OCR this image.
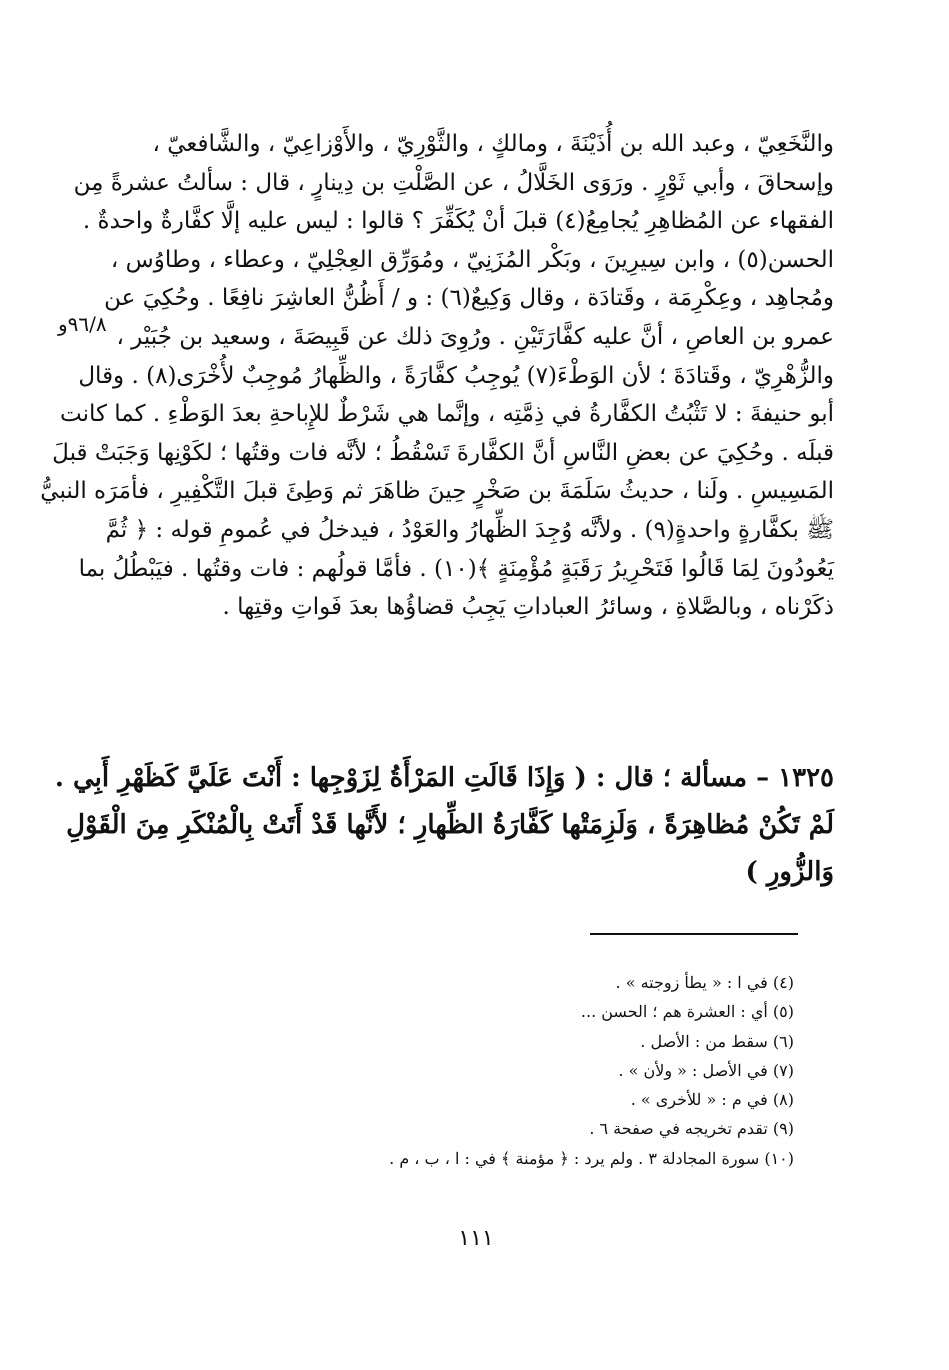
والنَّخَعِيّ ، وعبد الله بن أُذَيْنَةَ ، ومالكٍ ، والثَّوْرِيّ ، والأَوْزاعِيّ ، والشَّافعيّ ،
وإسحاقَ ، وأبي ثَوْرٍ . ورَوَى الخَلَّالُ ، عن الصَّلْتِ بن دِينارٍ ، قال : سألتُ عشرةً مِن
الفقهاء عن المُظاهِرِ يُجامِعُ(٤) قبلَ أنْ يُكَفِّرَ ؟ قالوا : ليس عليه إلَّا كفَّارةٌ واحدةٌ .
الحسن(٥) ، وابن سِيرِينَ ، وبَكْر المُزَنِيّ ، ومُوَرِّق العِجْلِيّ ، وعطاء ، وطاوُس ،
ومُجاهِد ، وعِكْرِمَة ، وقَتادَة ، وقال وَكِيعٌ(٦) : و / أَظُنُّ العاشِرَ نافِعًا . وحُكِيَ عن
عمرو بن العاصِ ، أنَّ عليه كفَّارَتَيْنِ . ورُوِىَ ذلك عن قَبِيصَةَ ، وسعيد بن جُبَيْر ،
والزُّهْرِيّ ، وقَتادَةَ ؛ لأن الوَطْءَ(٧) يُوجِبُ كفَّارَةً ، والظِّهارُ مُوجِبٌ لأُخْرَى(٨) . وقال
أبو حنيفةَ : لا تَثْبُتُ الكفَّارةُ في ذِمَّتِه ، وإنَّما هي شَرْطٌ للإِباحةِ بعدَ الوَطْءِ . كما كانت
قبلَه . وحُكِيَ عن بعضِ النَّاسِ أنَّ الكفَّارةَ تَسْقُطُ ؛ لأنَّه فات وقتُها ؛ لكَوْنِها وَجَبَتْ قبلَ
المَسِيسِ . ولَنا ، حديثُ سَلَمَةَ بن صَخْرٍ حِينَ ظاهَرَ ثم وَطِئَ قبلَ التَّكْفِيرِ ، فأمَرَه النبيُّ
ﷺ بكفَّارةٍ واحدةٍ(٩) . ولأنَّه وُجِدَ الظِّهارُ والعَوْدُ ، فيدخلُ في عُمومِ قوله : ﴿ ثُمَّ
يَعُودُونَ لِمَا قَالُوا فَتَحْرِيرُ رَقَبَةٍ مُؤْمِنَةٍ ﴾(١٠) . فأمَّا قولُهم : فات وقتُها . فيَبْطُلُ بما
ذكَرْناه ، وبالصَّلاةِ ، وسائرُ العباداتِ يَجِبُ قضاؤُها بعدَ فَواتِ وقتِها .
٩٦/٨و
١٣٢٥ – مسألة ؛ قال : ( وَإِذَا قَالَتِ المَرْأَةُ لِزَوْجِها : أَنْتَ عَلَيَّ كَظَهْرِ أَبِي .
لَمْ تَكُنْ مُظاهِرَةً ، وَلَزِمَتْها كَفَّارَةُ الظِّهارِ ؛ لأَنَّها قَدْ أَتَتْ بِالْمُنْكَرِ مِنَ الْقَوْلِ
وَالزُّورِ )
(٤) في ا : « يطأ زوجته » .
(٥) أي : العشرة هم ؛ الحسن ...
(٦) سقط من : الأصل .
(٧) في الأصل : « ولأن » .
(٨) في م : « للأخرى » .
(٩) تقدم تخريجه في صفحة ٦ .
(١٠) سورة المجادلة ٣ . ولم يرد : ﴿ مؤمنة ﴾ في : ا ، ب ، م .
١١١
